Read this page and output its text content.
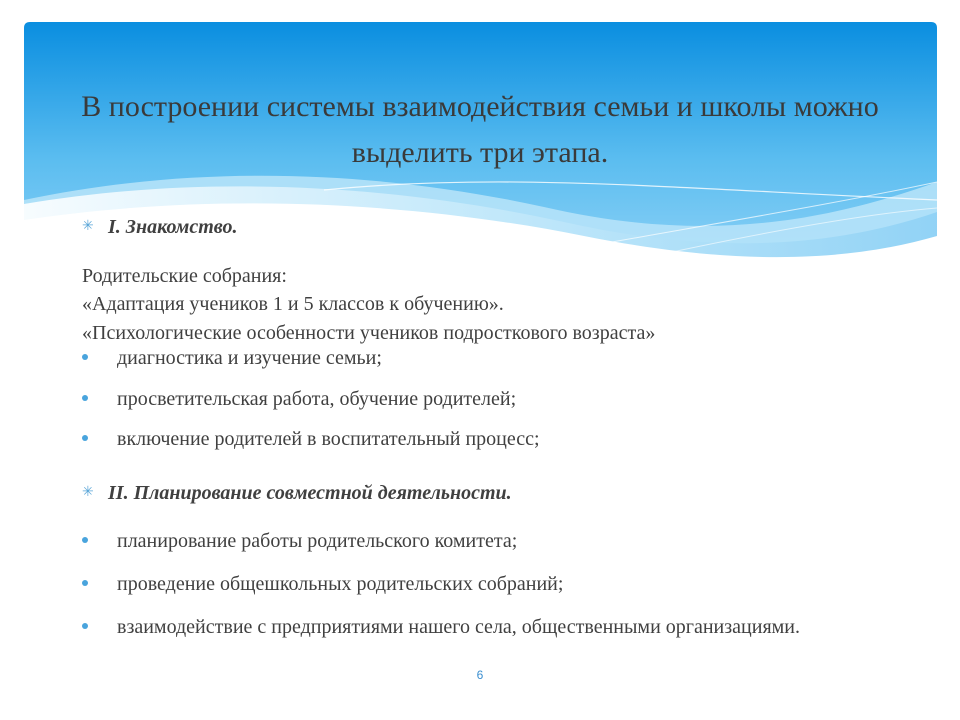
В построении системы взаимодействия семьи и школы можно выделить три этапа.
✳ I. Знакомство.
Родительские собрания:
«Адаптация учеников 1 и 5 классов к обучению».
«Психологические особенности учеников подросткового возраста»
диагностика и изучение семьи;
просветительская работа, обучение родителей;
включение родителей в воспитательный процесс;
✳ II. Планирование совместной деятельности.
планирование работы родительского комитета;
проведение общешкольных родительских собраний;
взаимодействие с предприятиями нашего села, общественными организациями.
6
